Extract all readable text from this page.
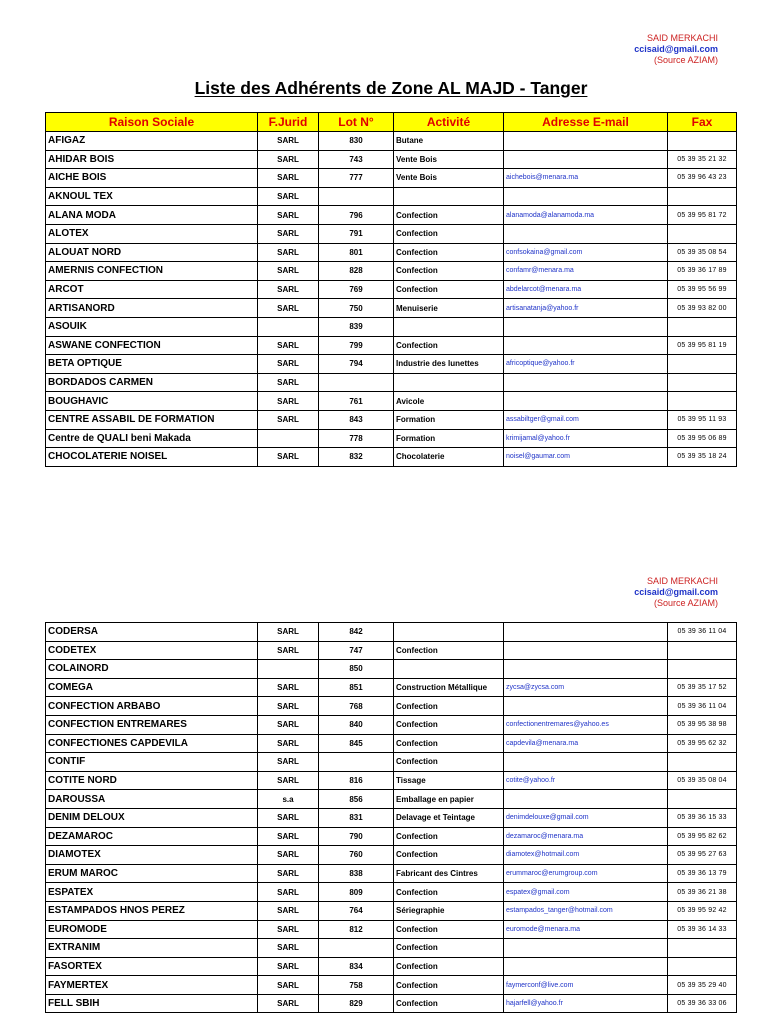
SAID MERKACHI
ccisaid@gmail.com
(Source AZIAM)
Liste des Adhérents de Zone AL MAJD - Tanger
Raison Sociale	F.Jurid	Lot N°	Activité	Adresse E-mail	Fax
AFIGAZ	SARL	830	Butane		
AHIDAR BOIS	SARL	743	Vente Bois		05 39 35 21 32
AICHE BOIS	SARL	777	Vente Bois	aichebois@menara.ma	05 39 96 43 23
AKNOUL TEX	SARL				
ALANA MODA	SARL	796	Confection	alanamoda@alanamoda.ma	05 39 95 81 72
ALOTEX	SARL	791	Confection		
ALOUAT NORD	SARL	801	Confection	confsokaina@gmail.com	05 39 35 08 54
AMERNIS CONFECTION	SARL	828	Confection	confamr@menara.ma	05 39 36 17 89
ARCOT	SARL	769	Confection	abdelarcot@menara.ma	05 39 95 56 99
ARTISANORD	SARL	750	Menuiserie	artisanatanja@yahoo.fr	05 39 93 82 00
ASOUIK		839			
ASWANE CONFECTION	SARL	799	Confection		05 39 95 81 19
BETA OPTIQUE	SARL	794	Industrie des lunettes	africoptique@yahoo.fr	
BORDADOS CARMEN	SARL				
BOUGHAVIC	SARL	761	Avicole		
CENTRE ASSABIL DE FORMATION	SARL	843	Formation	assabiltger@gmail.com	05 39 95 11 93
Centre de QUALI beni Makada		778	Formation	krimijamal@yahoo.fr	05 39 95 06 89
CHOCOLATERIE NOISEL	SARL	832	Chocolaterie	noisel@gaumar.com	05 39 35 18 24
SAID MERKACHI
ccisaid@gmail.com
(Source AZIAM)
CODERSA	SARL	842			05 39 36 11 04
CODETEX	SARL	747	Confection		
COLAINORD		850			
COMEGA	SARL	851	Construction Métallique	zycsa@zycsa.com	05 39 35 17 52
CONFECTION ARBABO	SARL	768	Confection		05 39 36 11 04
CONFECTION ENTREMARES	SARL	840	Confection	confectionentremares@yahoo.es	05 39 95 38 98
CONFECTIONES CAPDEVILA	SARL	845	Confection	capdevila@menara.ma	05 39 95 62 32
CONTIF	SARL		Confection		
COTITE NORD	SARL	816	Tissage	cotite@yahoo.fr	05 39 35 08 04
DAROUSSA	s.a	856	Emballage en papier		
DENIM DELOUX	SARL	831	Delavage et Teintage	denimdelouxe@gmail.com	05 39 36 15 33
DEZAMAROC	SARL	790	Confection	dezamaroc@menara.ma	05 39 95 82 62
DIAMOTEX	SARL	760	Confection	diamotex@hotmail.com	05 39 95 27 63
ERUM MAROC	SARL	838	Fabricant des Cintres	erummaroc@erumgroup.com	05 39 36 13 79
ESPATEX	SARL	809	Confection	espatex@gmail.com	05 39 36 21 38
ESTAMPADOS HNOS PEREZ	SARL	764	Sériegraphie	estampados_tanger@hotmail.com	05 39 95 92 42
EUROMODE	SARL	812	Confection	euromode@menara.ma	05 39 36 14 33
EXTRANIM	SARL		Confection		
FASORTEX	SARL	834	Confection		
FAYMERTEX	SARL	758	Confection	faymerconf@live.com	05 39 35 29 40
FELL SBIH	SARL	829	Confection	hajarfell@yahoo.fr	05 39 36 33 06
